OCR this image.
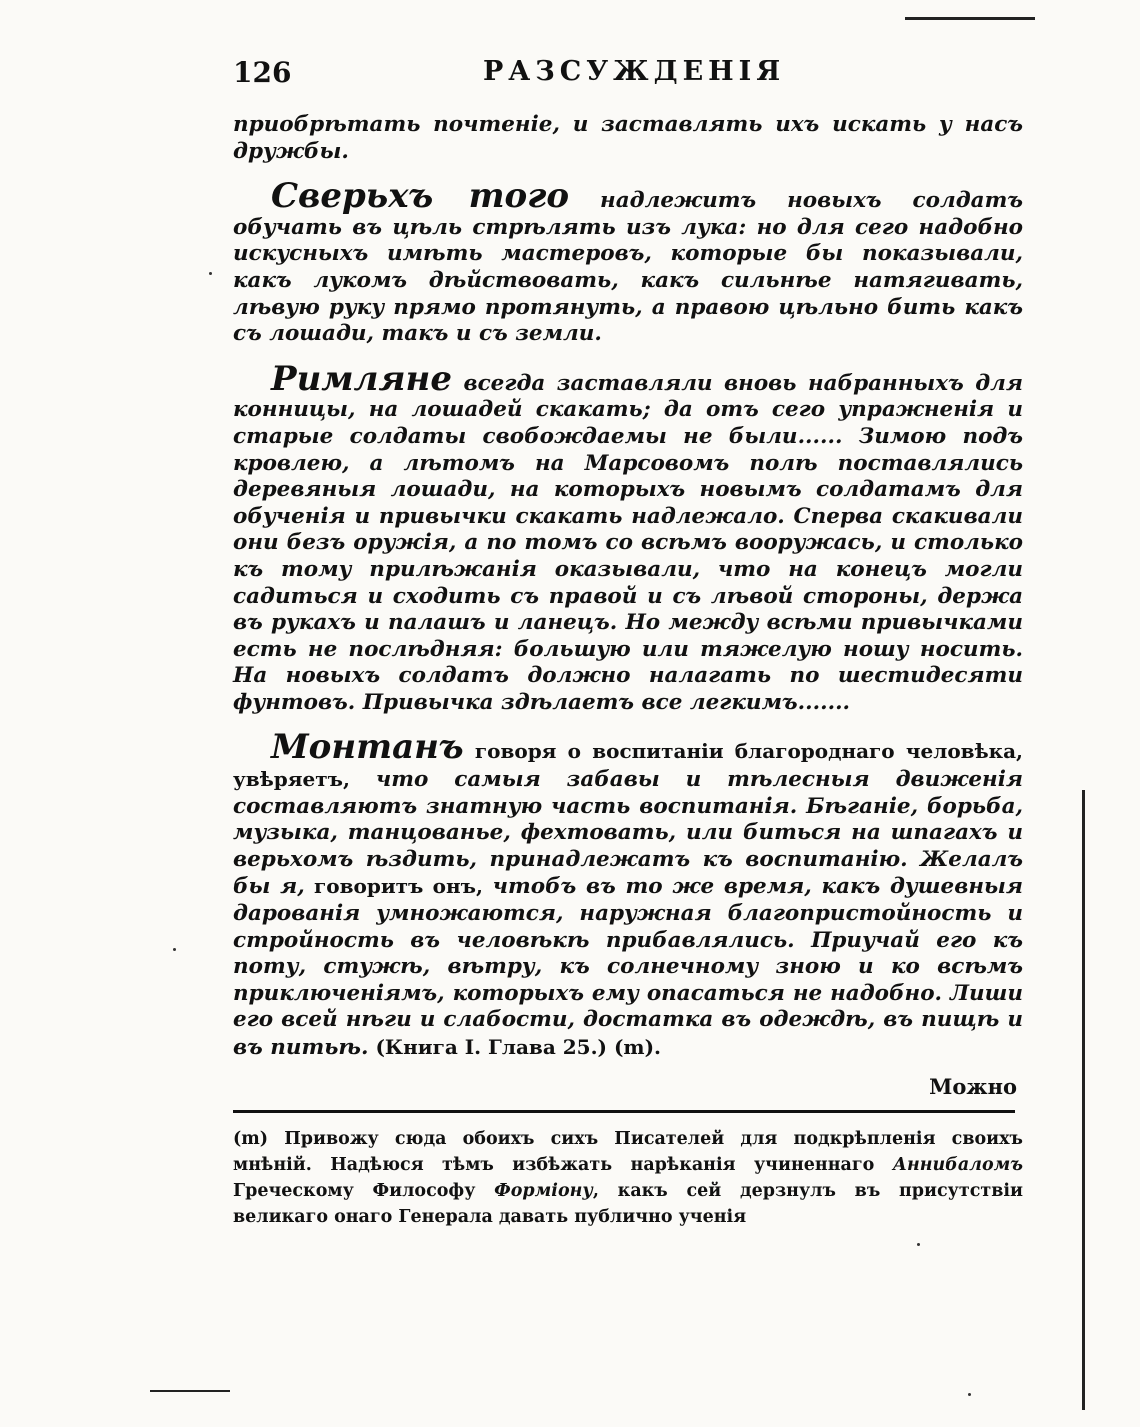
126	РАЗСУЖДЕНІЯ

приобрѣтать почтеніе, и заставлять ихъ искать у насъ дружбы.

Сверьхъ того надлежитъ новыхъ солдатъ обучать въ цѣль стрѣлять изъ лука: но для сего надобно искусныхъ имѣть мастеровъ, которые бы показывали, какъ лукомъ дѣйствовать, какъ сильнѣе натягивать, лѣвую руку прямо протянуть, а правою цѣльно бить какъ съ лошади, такъ и съ земли.

Римляне всегда заставляли вновь набранныхъ для конницы, на лошадей скакать; да отъ сего упражненія и старые солдаты свобождаемы не были...... Зимою подъ кровлею, а лѣтомъ на Марсовомъ полѣ поставлялись деревяныя лошади, на которыхъ новымъ солдатамъ для обученія и привычки скакать надлежало. Сперва скакивали они безъ оружія, а по томъ со всѣмъ вооружась, и столько къ тому прилѣжанія оказывали, что на конецъ могли садиться и сходить съ правой и съ лѣвой стороны, держа въ рукахъ и палашъ и ланецъ. Но между всѣми привычками есть не послѣдняя: большую или тяжелую ношу носить. На новыхъ солдатъ должно налагать по шестидесяти фунтовъ. Привычка здѣлаетъ все легкимъ.......

Монтанъ говоря о воспитаніи благороднаго человѣка, увѣряетъ, что самыя забавы и тѣлесныя движенія составляютъ знатную часть воспитанія. Бѣганіе, борьба, музыка, танцованье, фехтовать, или биться на шпагахъ и верьхомъ ѣздить, принадлежатъ къ воспитанію. Желалъ бы я, говоритъ онъ, чтобъ въ то же время, какъ душевныя дарованія умножаются, наружная благопристойность и стройность въ человѣкѣ прибавлялись. Приучай его къ поту, стужѣ, вѣтру, къ солнечному зною и ко всѣмъ приключеніямъ, которыхъ ему опасаться не надобно. Лиши его всей нѣги и слабости, достатка въ одеждѣ, въ пищѣ и въ питьѣ. (Книга I. Глава 25.) (m).

Можно
(m) Привожу сюда обоихъ сихъ Писателей для подкрѣпленія своихъ мнѣній. Надѣюся тѣмъ избѣжать нарѣканія учиненнаго Аннибаломъ Греческому Философу Формiону, какъ сей дерзнулъ въ присутствіи великаго онаго Генерала давать публично ученія
